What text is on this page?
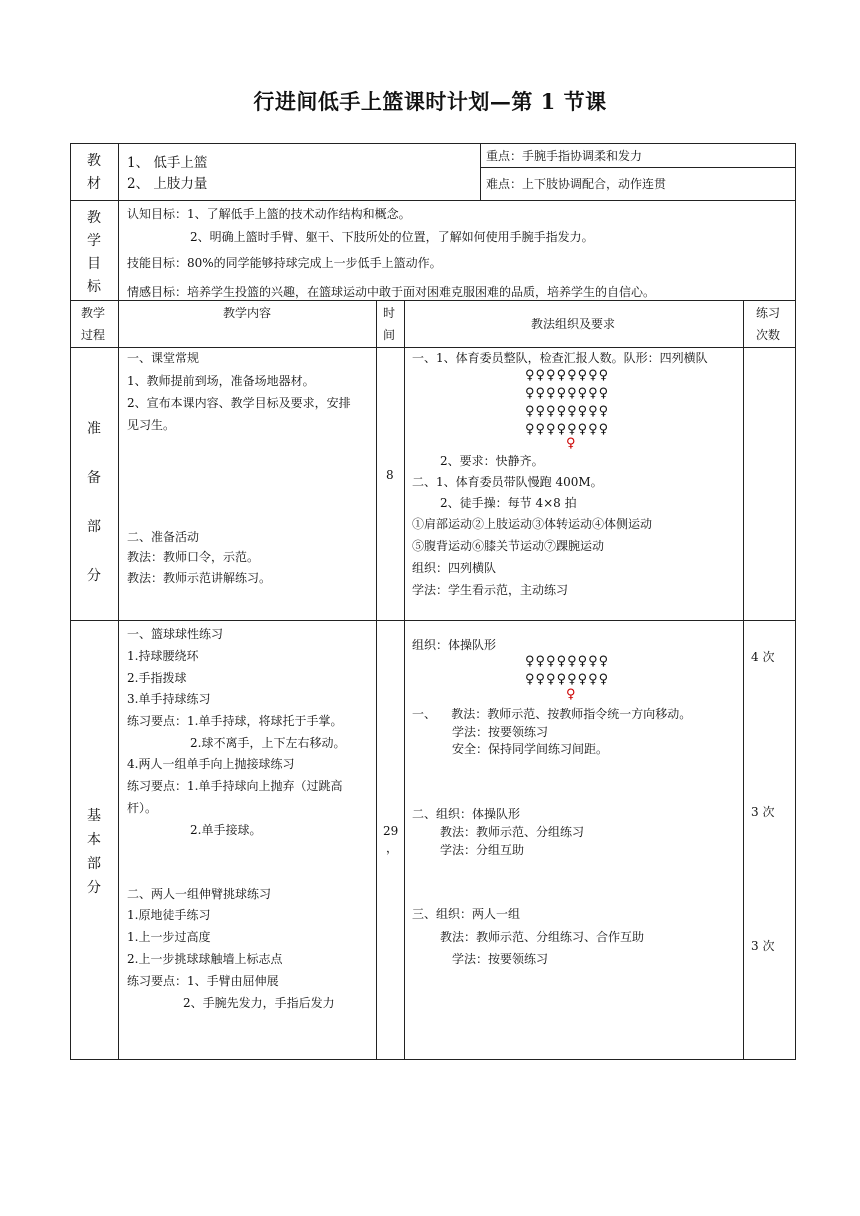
行进间低手上篮课时计划—第 1 节课
教
材
1、 低手上篮
2、 上肢力量
重点：手腕手指协调柔和发力
难点：上下肢协调配合，动作连贯
教
学
目
标
认知目标：1、了解低手上篮的技术动作结构和概念。
2、明确上篮时手臂、躯干、下肢所处的位置，了解如何使用手腕手指发力。
技能目标：80%的同学能够持球完成上一步低手上篮动作。
情感目标：培养学生投篮的兴趣，在篮球运动中敢于面对困难克服困难的品质，培养学生的自信心。
教学
过程
教学内容	时
间
教法组织及要求
练习
次数
准
备
部
分
一、课堂常规
1、教师提前到场，准备场地器材。
2、宣布本课内容、教学目标及要求，安排
见习生。
二、准备活动
教法：教师口令，示范。
教法：教师示范讲解练习。
8
一、1、体育委员整队，检查汇报人数。队形：四列横队
♀♀♀♀♀♀♀♀
♀♀♀♀♀♀♀♀
♀♀♀♀♀♀♀♀
♀♀♀♀♀♀♀♀
♀
2、要求：快静齐。
二、1、体育委员带队慢跑 400M。
2、徒手操：每节 4×8 拍
①肩部运动②上肢运动③体转运动④体侧运动
⑤腹背运动⑥膝关节运动⑦踝腕运动
组织：四列横队
学法：学生看示范，主动练习
基
本
部
分
一、篮球球性练习
1.持球腰绕环
2.手指拨球
3.单手持球练习
练习要点：1.单手持球，将球托于手掌。
2.球不离手，上下左右移动。
4.两人一组单手向上抛接球练习
练习要点：1.单手持球向上抛弃（过跳高
杆）。
2.单手接球。
二、两人一组伸臂挑球练习
1.原地徒手练习
1.上一步过高度
2.上一步挑球球触墙上标志点
练习要点：1、手臂由屈伸展
2、手腕先发力，手指后发力
29
，
组织：体操队形
♀♀♀♀♀♀♀♀
♀♀♀♀♀♀♀♀
♀
一、    教法：教师示范、按教师指令统一方向移动。
学法：按要领练习
安全：保持同学间练习间距。
二、组织：体操队形
教法：教师示范、分组练习
学法：分组互助
三、组织：两人一组
教法：教师示范、分组练习、合作互助
学法：按要领练习
4 次
3 次
3 次
